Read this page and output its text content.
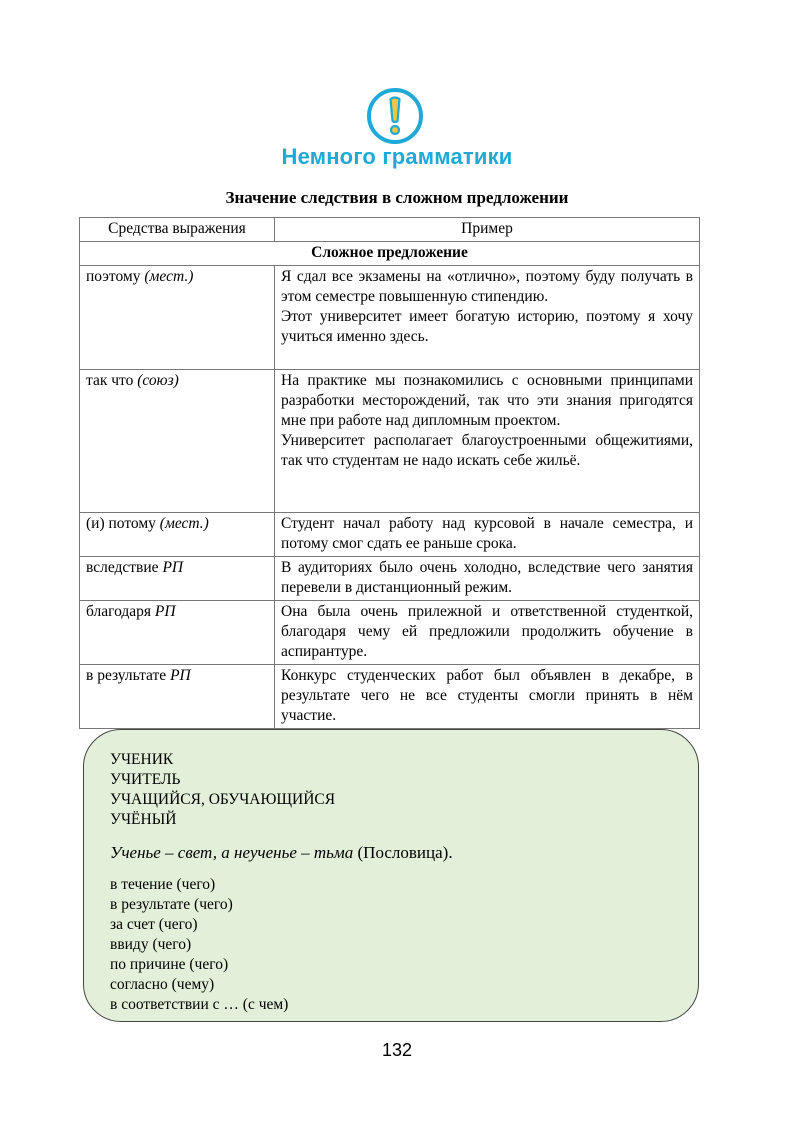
Немного грамматики
Значение следствия в сложном предложении
Средства выражения	Пример
Сложное предложение	
поэтому (мест.)	Я сдал все экзамены на «отлично», поэтому буду получать в этом семестре повышенную стипендию.

Этот университет имеет богатую историю, поэтому я хочу учиться именно здесь.

так что (союз)	На практике мы познакомились с основными принципами разработки месторождений, так что эти знания пригодятся мне при работе над дипломным проектом.

Университет располагает благоустроенными общежитиями, так что студентам не надо искать себе жильё.

(и) потому (мест.)	Студент начал работу над курсовой в начале семестра, и потому смог сдать ее раньше срока.

вследствие РП	В аудиториях было очень холодно, вследствие чего занятия перевели в дистанционный режим.

благодаря РП	Она была очень прилежной и ответственной студенткой, благодаря чему ей предложили продолжить обучение в аспирантуре.

в результате РП	Конкурс студенческих работ был объявлен в декабре, в результате чего не все студенты смогли принять в нём участие.

УЧЕНИК
УЧИТЕЛЬ
УЧАЩИЙСЯ, ОБУЧАЮЩИЙСЯ
УЧЁНЫЙ
Ученье – свет, а неученье – тьма (Пословица).
в течение (чего)
в результате (чего)
за счет (чего)
ввиду (чего)
по причине (чего)
согласно (чему)
в соответствии с … (с чем)
132
